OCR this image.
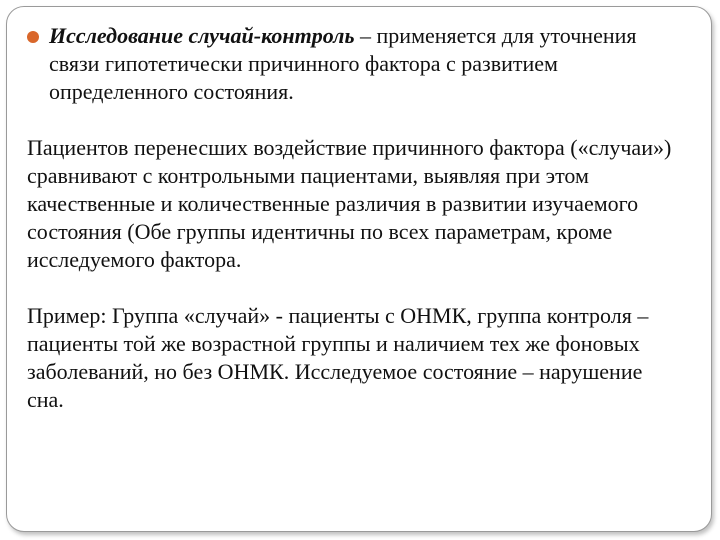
Исследование случай-контроль – применяется для уточнения связи гипотетически причинного фактора с развитием определенного состояния.

Пациентов перенесших воздействие причинного фактора («случаи») сравнивают с контрольными пациентами, выявляя при этом качественные и количественные различия в развитии изучаемого состояния (Обе группы идентичны по всех параметрам, кроме исследуемого фактора.

Пример: Группа «случай» - пациенты с ОНМК, группа контроля – пациенты той же возрастной группы и наличием тех же фоновых заболеваний, но без ОНМК. Исследуемое состояние – нарушение сна.
